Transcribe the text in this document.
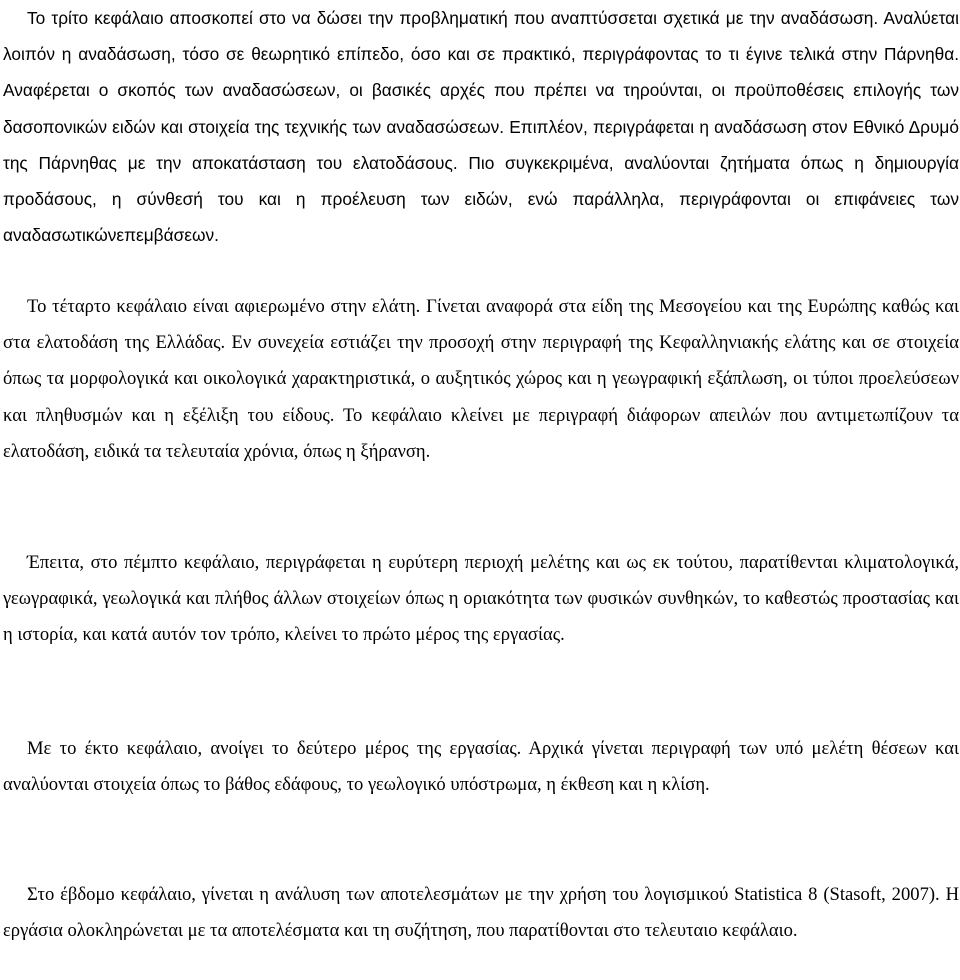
Το τρίτο κεφάλαιο αποσκοπεί στο να δώσει την προβληματική που αναπτύσσεται σχετικά με την αναδάσωση. Αναλύεται λοιπόν η αναδάσωση, τόσο σε θεωρητικό επίπεδο, όσο και σε πρακτικό, περιγράφοντας το τι έγινε τελικά στην Πάρνηθα. Αναφέρεται ο σκοπός των αναδασώσεων, οι βασικές αρχές που πρέπει να τηρούνται, οι προϋποθέσεις επιλογής των δασοπονικών ειδών και στοιχεία της τεχνικής των αναδασώσεων. Επιπλέον, περιγράφεται η αναδάσωση στον Εθνικό Δρυμό της Πάρνηθας με την αποκατάσταση του ελατοδάσους. Πιο συγκεκριμένα, αναλύονται ζητήματα όπως η δημιουργία προδάσους, η σύνθεσή του και η προέλευση των ειδών, ενώ παράλληλα, περιγράφονται οι επιφάνειες των αναδασωτικώνεπεμβάσεων.

Το τέταρτο κεφάλαιο είναι αφιερωμένο στην ελάτη. Γίνεται αναφορά στα είδη της Μεσογείου και της Ευρώπης καθώς και στα ελατοδάση της Ελλάδας. Εν συνεχεία εστιάζει την προσοχή στην περιγραφή της Κεφαλληνιακής ελάτης και σε στοιχεία όπως τα μορφολογικά και οικολογικά χαρακτηριστικά, ο αυξητικός χώρος και η γεωγραφική εξάπλωση, οι τύποι προελεύσεων και πληθυσμών και η εξέλιξη του είδους. Το κεφάλαιο κλείνει με περιγραφή διάφορων απειλών που αντιμετωπίζουν τα ελατοδάση, ειδικά τα τελευταία χρόνια, όπως η ξήρανση.

Έπειτα, στο πέμπτο κεφάλαιο, περιγράφεται η ευρύτερη περιοχή μελέτης και ως εκ τούτου, παρατίθενται κλιματολογικά, γεωγραφικά, γεωλογικά και πλήθος άλλων στοιχείων όπως η οριακότητα των φυσικών συνθηκών, το καθεστώς προστασίας και η ιστορία, και κατά αυτόν τον τρόπο, κλείνει το πρώτο μέρος της εργασίας.

Με το έκτο κεφάλαιο, ανοίγει το δεύτερο μέρος της εργασίας. Αρχικά γίνεται περιγραφή των υπό μελέτη θέσεων και αναλύονται στοιχεία όπως το βάθος εδάφους, το γεωλογικό υπόστρωμα, η έκθεση και η κλίση.

Στο έβδομο κεφάλαιο, γίνεται η ανάλυση των αποτελεσμάτων με την χρήση του λογισμικού Statistica 8 (Stasoft, 2007). Η εργάσια ολοκληρώνεται με τα αποτελέσματα και τη συζήτηση, που παρατίθονται στο τελευταιο κεφάλαιο.
